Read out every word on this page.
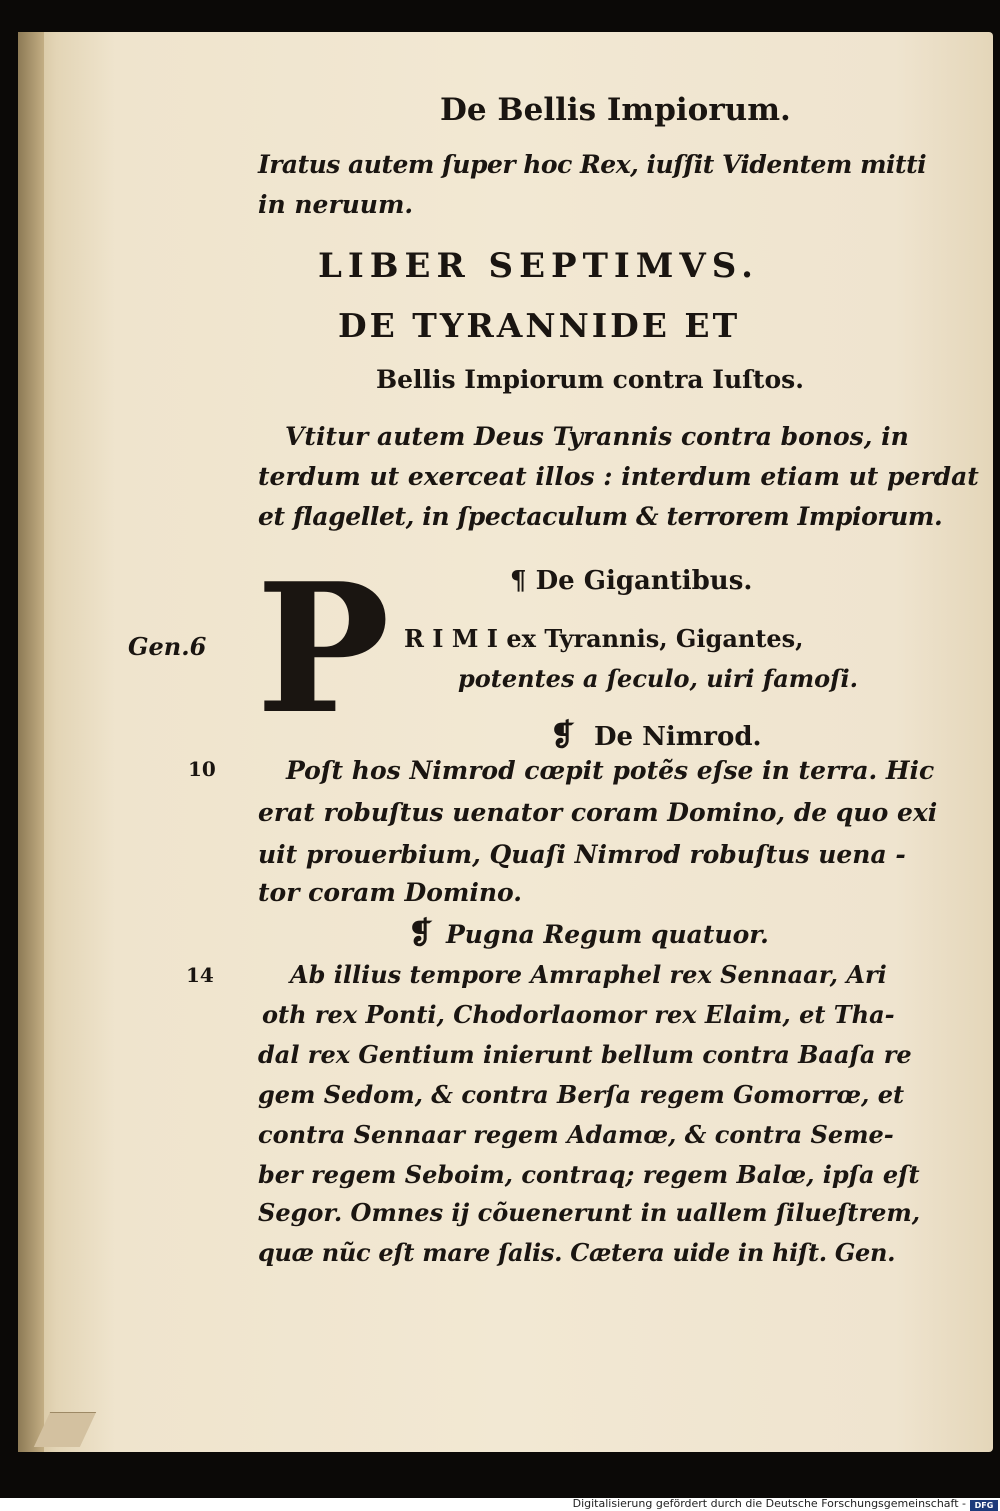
De Bellis Impiorum.
Iratus autem ſuper hoc Rex, iuſſit Videntem mitti
in neruum.
LIBER SEPTIMVS.
DE TYRANNIDE ET
Bellis Impiorum contra Iuſtos.
Vtitur autem Deus Tyrannis contra bonos, in
terdum ut exerceat illos : interdum etiam ut perdat
et flagellet, in ſpectaculum & terrorem Impiorum.
¶ De Gigantibus.
P
Gen.6	R I M I ex Tyrannis, Gigantes,
potentes a ſeculo, uiri famoſi.
❡ De Nimrod.
10	Poſt hos Nimrod cœpit potẽs eſse in terra. Hic
erat robuſtus uenator coram Domino, de quo exi
uit prouerbium, Quaſi Nimrod robuſtus uena -
tor coram Domino.
❡ Pugna Regum quatuor.
14	Ab illius tempore Amraphel rex Sennaar, Ari
oth rex Ponti, Chodorlaomor rex Elaim, et Tha-
dal rex Gentium inierunt bellum contra Baaſa re
gem Sedom, & contra Berſa regem Gomorrœ, et
contra Sennaar regem Adamœ, & contra Seme-
ber regem Seboim, contraq; regem Balœ, ipſa eſt
Segor. Omnes ij cõuenerunt in uallem ſilueſtrem,
quæ nũc eſt mare ſalis. Cætera uide in hiſt. Gen.
Digitalisierung gefördert durch die Deutsche Forschungsgemeinschaft -	DFG
